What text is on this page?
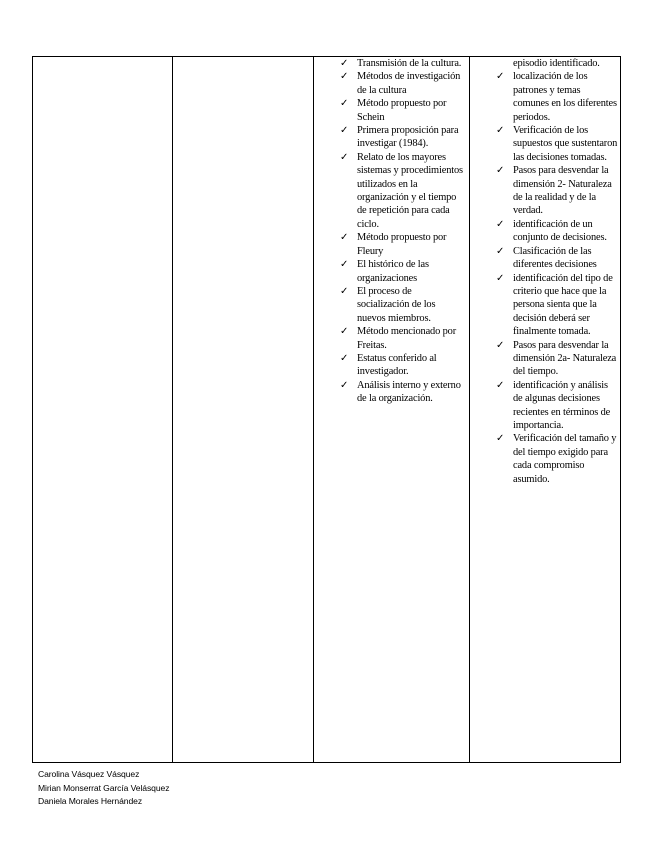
✓ Transmisión de la cultura.
✓ Métodos de investigación de la cultura
✓ Método propuesto por Schein
✓ Primera proposición para investigar (1984).
✓ Relato de los mayores sistemas y procedimientos utilizados en la organización y el tiempo de repetición para cada ciclo.
✓ Método propuesto por Fleury
✓ El histórico de las organizaciones
✓ El proceso de socialización de los nuevos miembros.
✓ Método mencionado por Freitas.
✓ Estatus conferido al investigador.
✓ Análisis interno y externo de la organización.

episodio identificado.
✓ localización de los patrones y temas comunes en los diferentes periodos.
✓ Verificación de los supuestos que sustentaron las decisiones tomadas.
✓ Pasos para desvendar la dimensión 2- Naturaleza de la realidad y de la verdad.
✓ identificación de un conjunto de decisiones.
✓ Clasificación de las diferentes decisiones
✓ identificación del tipo de criterio que hace que la persona sienta que la decisión deberá ser finalmente tomada.
✓ Pasos para desvendar la dimensión 2a- Naturaleza del tiempo.
✓ identificación y análisis de algunas decisiones recientes en términos de importancia.
✓ Verificación del tamaño y del tiempo exigido para cada compromiso asumido.
Carolina Vásquez Vásquez
Mirian Monserrat García Velásquez
Daniela Morales Hernández
